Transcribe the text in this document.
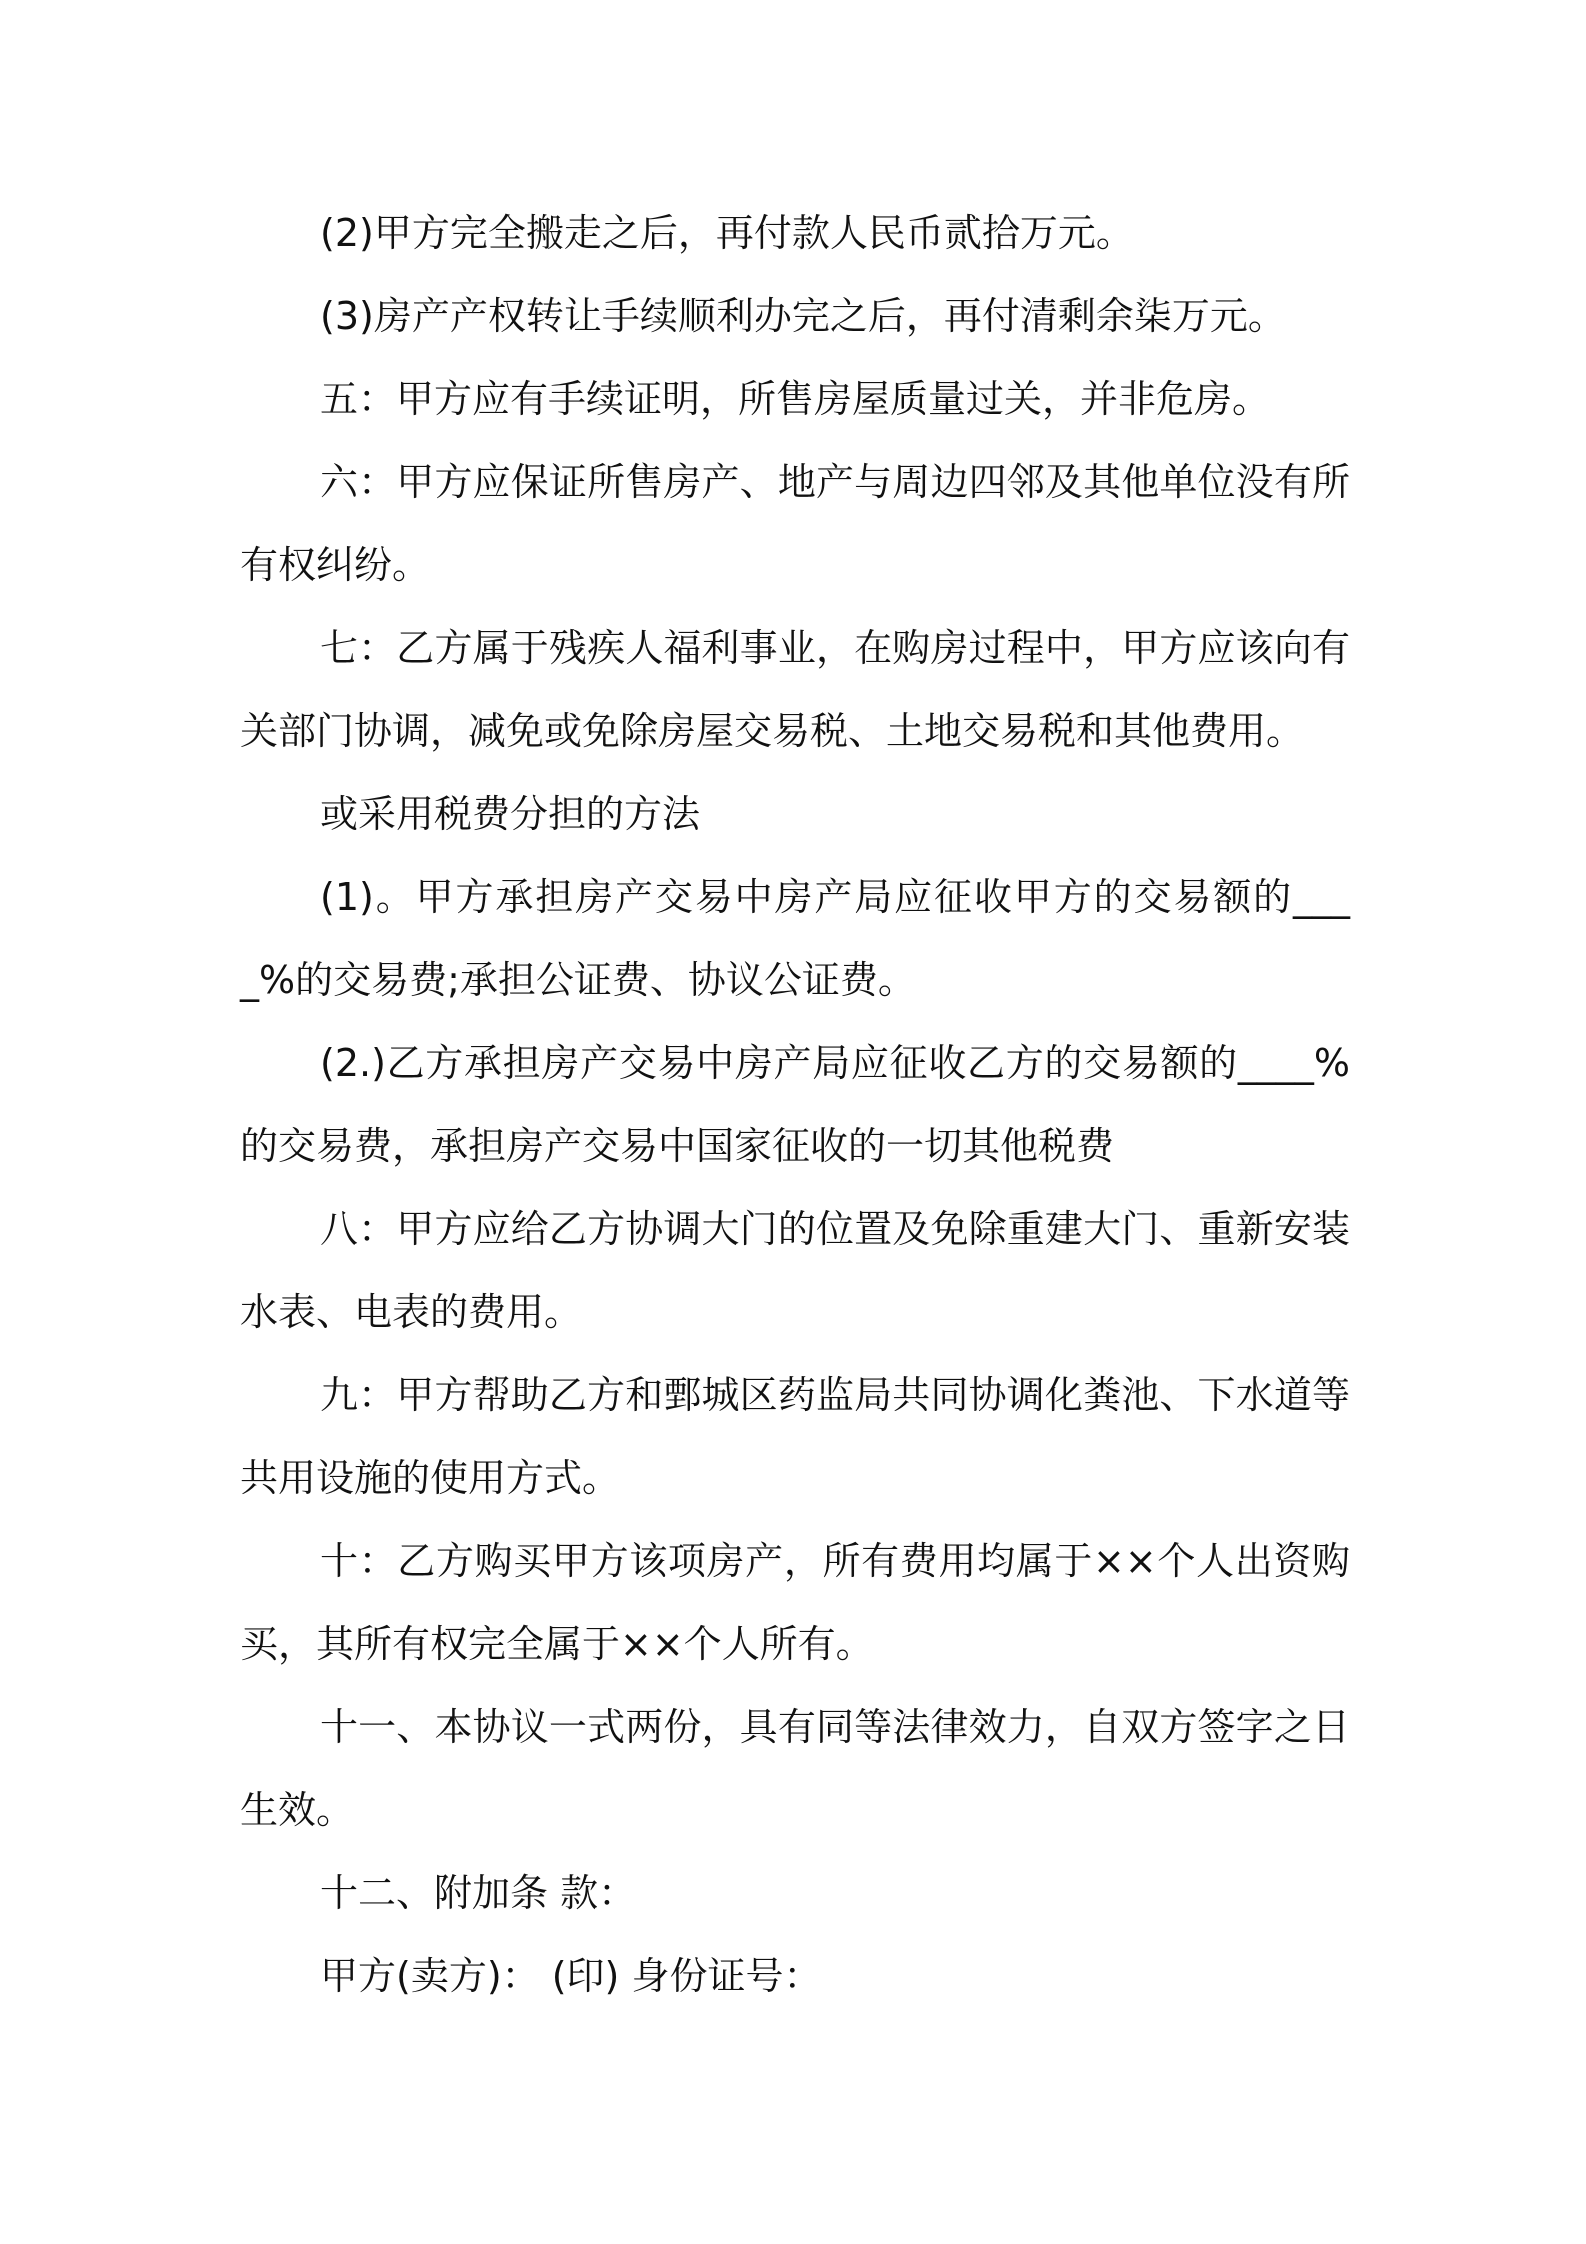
(2)甲方完全搬走之后，再付款人民币贰拾万元。

(3)房产产权转让手续顺利办完之后，再付清剩余柒万元。

五：甲方应有手续证明，所售房屋质量过关，并非危房。

六：甲方应保证所售房产、地产与周边四邻及其他单位没有所有权纠纷。

七：乙方属于残疾人福利事业，在购房过程中，甲方应该向有关部门协调，减免或免除房屋交易税、土地交易税和其他费用。

或采用税费分担的方法

(1)。甲方承担房产交易中房产局应征收甲方的交易额的____%的交易费;承担公证费、协议公证费。

(2.)乙方承担房产交易中房产局应征收乙方的交易额的____%的交易费，承担房产交易中国家征收的一切其他税费

八：甲方应给乙方协调大门的位置及免除重建大门、重新安装水表、电表的费用。

九：甲方帮助乙方和鄄城区药监局共同协调化粪池、下水道等共用设施的使用方式。

十：乙方购买甲方该项房产，所有费用均属于××个人出资购买，其所有权完全属于××个人所有。

十一、本协议一式两份，具有同等法律效力，自双方签字之日生效。

十二、附加条 款：

甲方(卖方)： (印) 身份证号：
